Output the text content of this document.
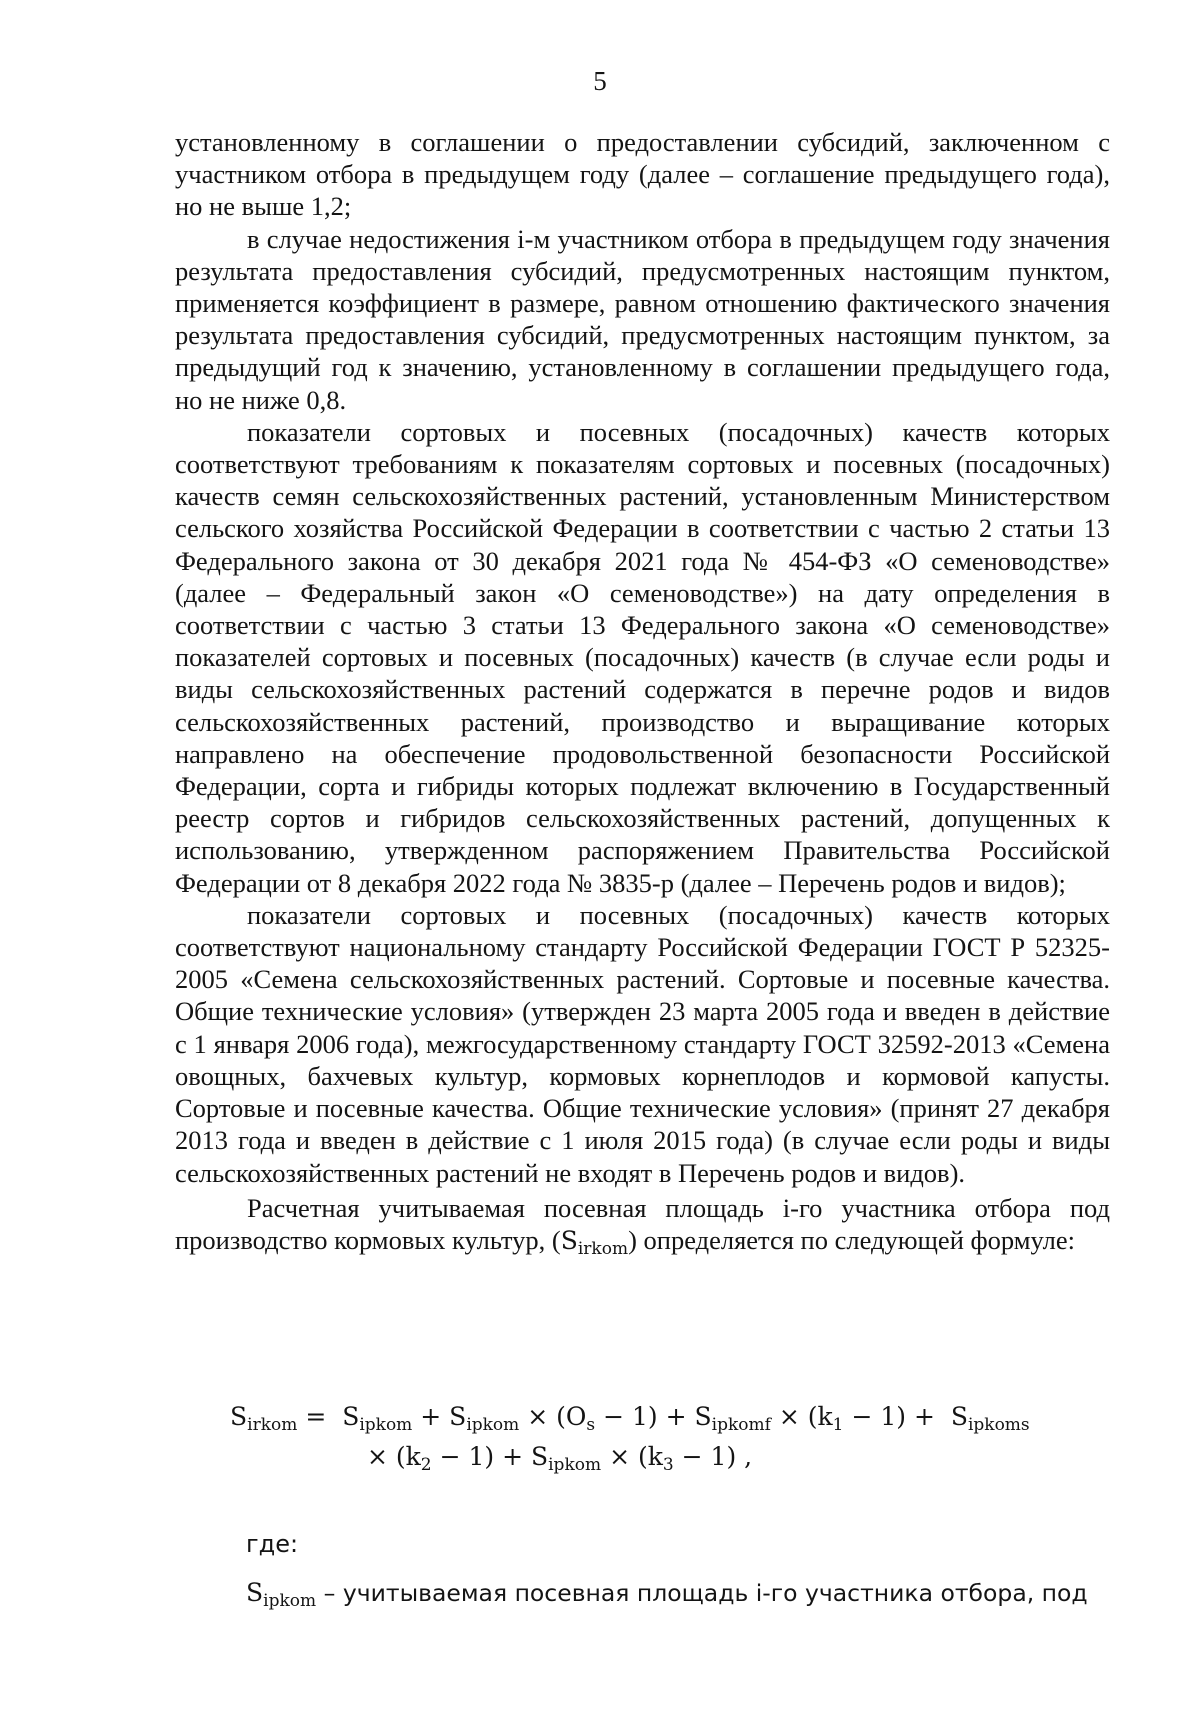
5

установленному в соглашении о предоставлении субсидий, заключенном с участником отбора в предыдущем году (далее – соглашение предыдущего года), но не выше 1,2;

в случае недостижения i-м участником отбора в предыдущем году значения результата предоставления субсидий, предусмотренных настоящим пунктом, применяется коэффициент в размере, равном отношению фактического значения результата предоставления субсидий, предусмотренных настоящим пунктом, за предыдущий год к значению, установленному в соглашении предыдущего года, но не ниже 0,8.

показатели сортовых и посевных (посадочных) качеств которых соответствуют требованиям к показателям сортовых и посевных (посадочных) качеств семян сельскохозяйственных растений, установленным Министерством сельского хозяйства Российской Федерации в соответствии с частью 2 статьи 13 Федерального закона от 30 декабря 2021 года № 454-ФЗ «О семеноводстве» (далее – Федеральный закон «О семеноводстве») на дату определения в соответствии с частью 3 статьи 13 Федерального закона «О семеноводстве» показателей сортовых и посевных (посадочных) качеств (в случае если роды и виды сельскохозяйственных растений содержатся в перечне родов и видов сельскохозяйственных растений, производство и выращивание которых направлено на обеспечение продовольственной безопасности Российской Федерации, сорта и гибриды которых подлежат включению в Государственный реестр сортов и гибридов сельскохозяйственных растений, допущенных к использованию, утвержденном распоряжением Правительства Российской Федерации от 8 декабря 2022 года № 3835-р (далее – Перечень родов и видов);

показатели сортовых и посевных (посадочных) качеств которых соответствуют национальному стандарту Российской Федерации ГОСТ Р 52325-2005 «Семена сельскохозяйственных растений. Сортовые и посевные качества. Общие технические условия» (утвержден 23 марта 2005 года и введен в действие с 1 января 2006 года), межгосударственному стандарту ГОСТ 32592-2013 «Семена овощных, бахчевых культур, кормовых корнеплодов и кормовой капусты. Сортовые и посевные качества. Общие технические условия» (принят 27 декабря 2013 года и введен в действие с 1 июля 2015 года) (в случае если роды и виды сельскохозяйственных растений не входят в Перечень родов и видов).

Расчетная учитываемая посевная площадь i-го участника отбора под производство кормовых культур, $(S_{irkom})$ определяется по следующей формуле:

$S_{irkom} = S_{ipkom} + S_{ipkom} \times (O_s - 1) + S_{ipkomf} \times (k_1 - 1) + S_{ipkoms}$
× $(k_2 - 1) + S_{ipkom} \times (k_3 - 1)$ ,
где:
$S_{ipkom}$ – учитываемая посевная площадь i-го участника отбора, под
